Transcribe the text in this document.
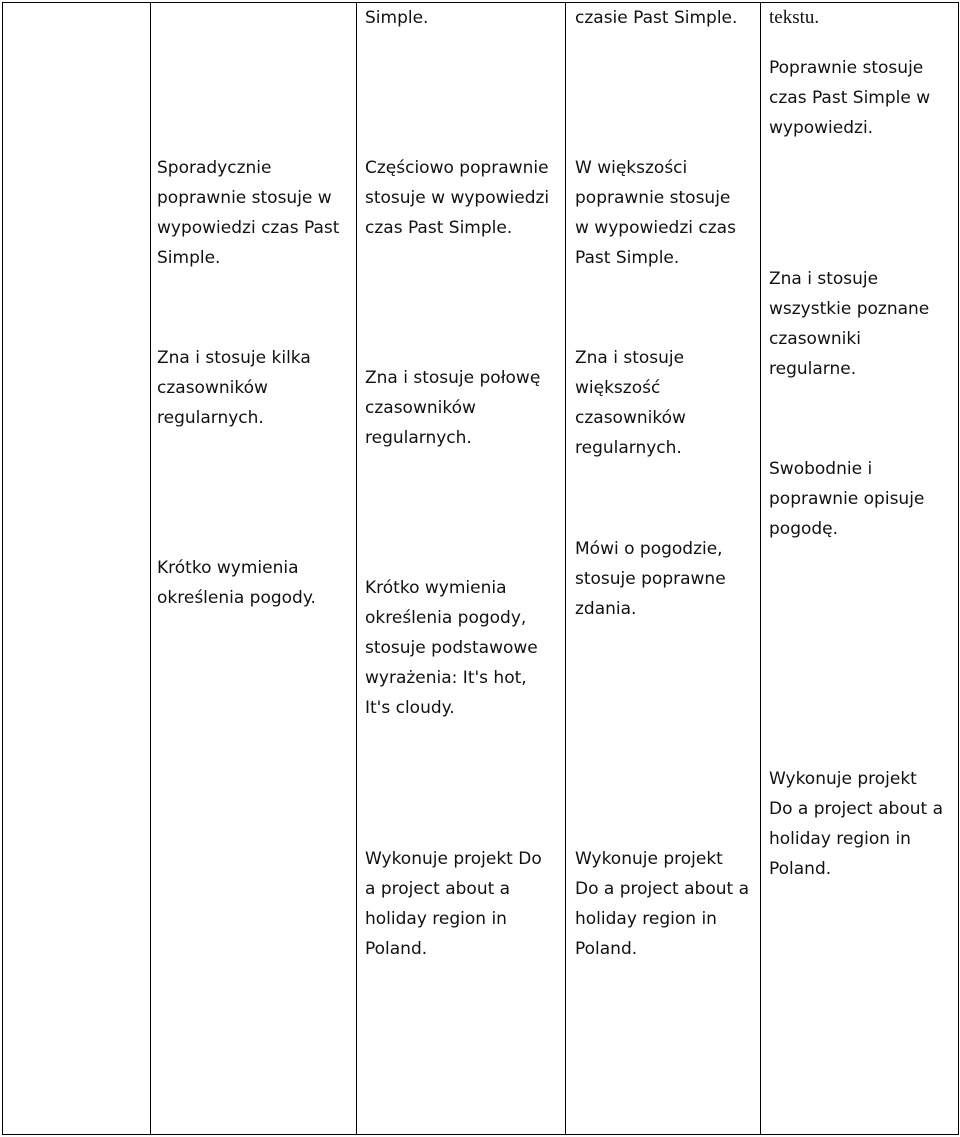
Simple.	czasie Past Simple. tekstu.
Poprawnie stosuje
czas Past Simple w
wypowiedzi.
Sporadycznie
poprawnie stosuje w
wypowiedzi czas Past
Simple.
Zna i stosuje kilka
czasowników
regularnych.
Krótko wymienia
określenia pogody.
Częściowo poprawnie
stosuje w wypowiedzi
czas Past Simple.
Zna i stosuje połowę
czasowników
regularnych.
Krótko wymienia
określenia pogody,
stosuje podstawowe
wyrażenia: It's hot,
It's cloudy.
W większości
poprawnie stosuje
w wypowiedzi czas
Past Simple.
Zna i stosuje
większość
czasowników
regularnych.
Mówi o pogodzie,
stosuje poprawne
zdania.
Zna i stosuje
wszystkie poznane
czasowniki
regularne.
Swobodnie i
poprawnie opisuje
pogodę.
Wykonuje projekt Do
a project about a
holiday region in
Poland.
Wykonuje projekt
Do a project about a
holiday region in
Poland.
Wykonuje projekt
Do a project about a
holiday region in
Poland.
